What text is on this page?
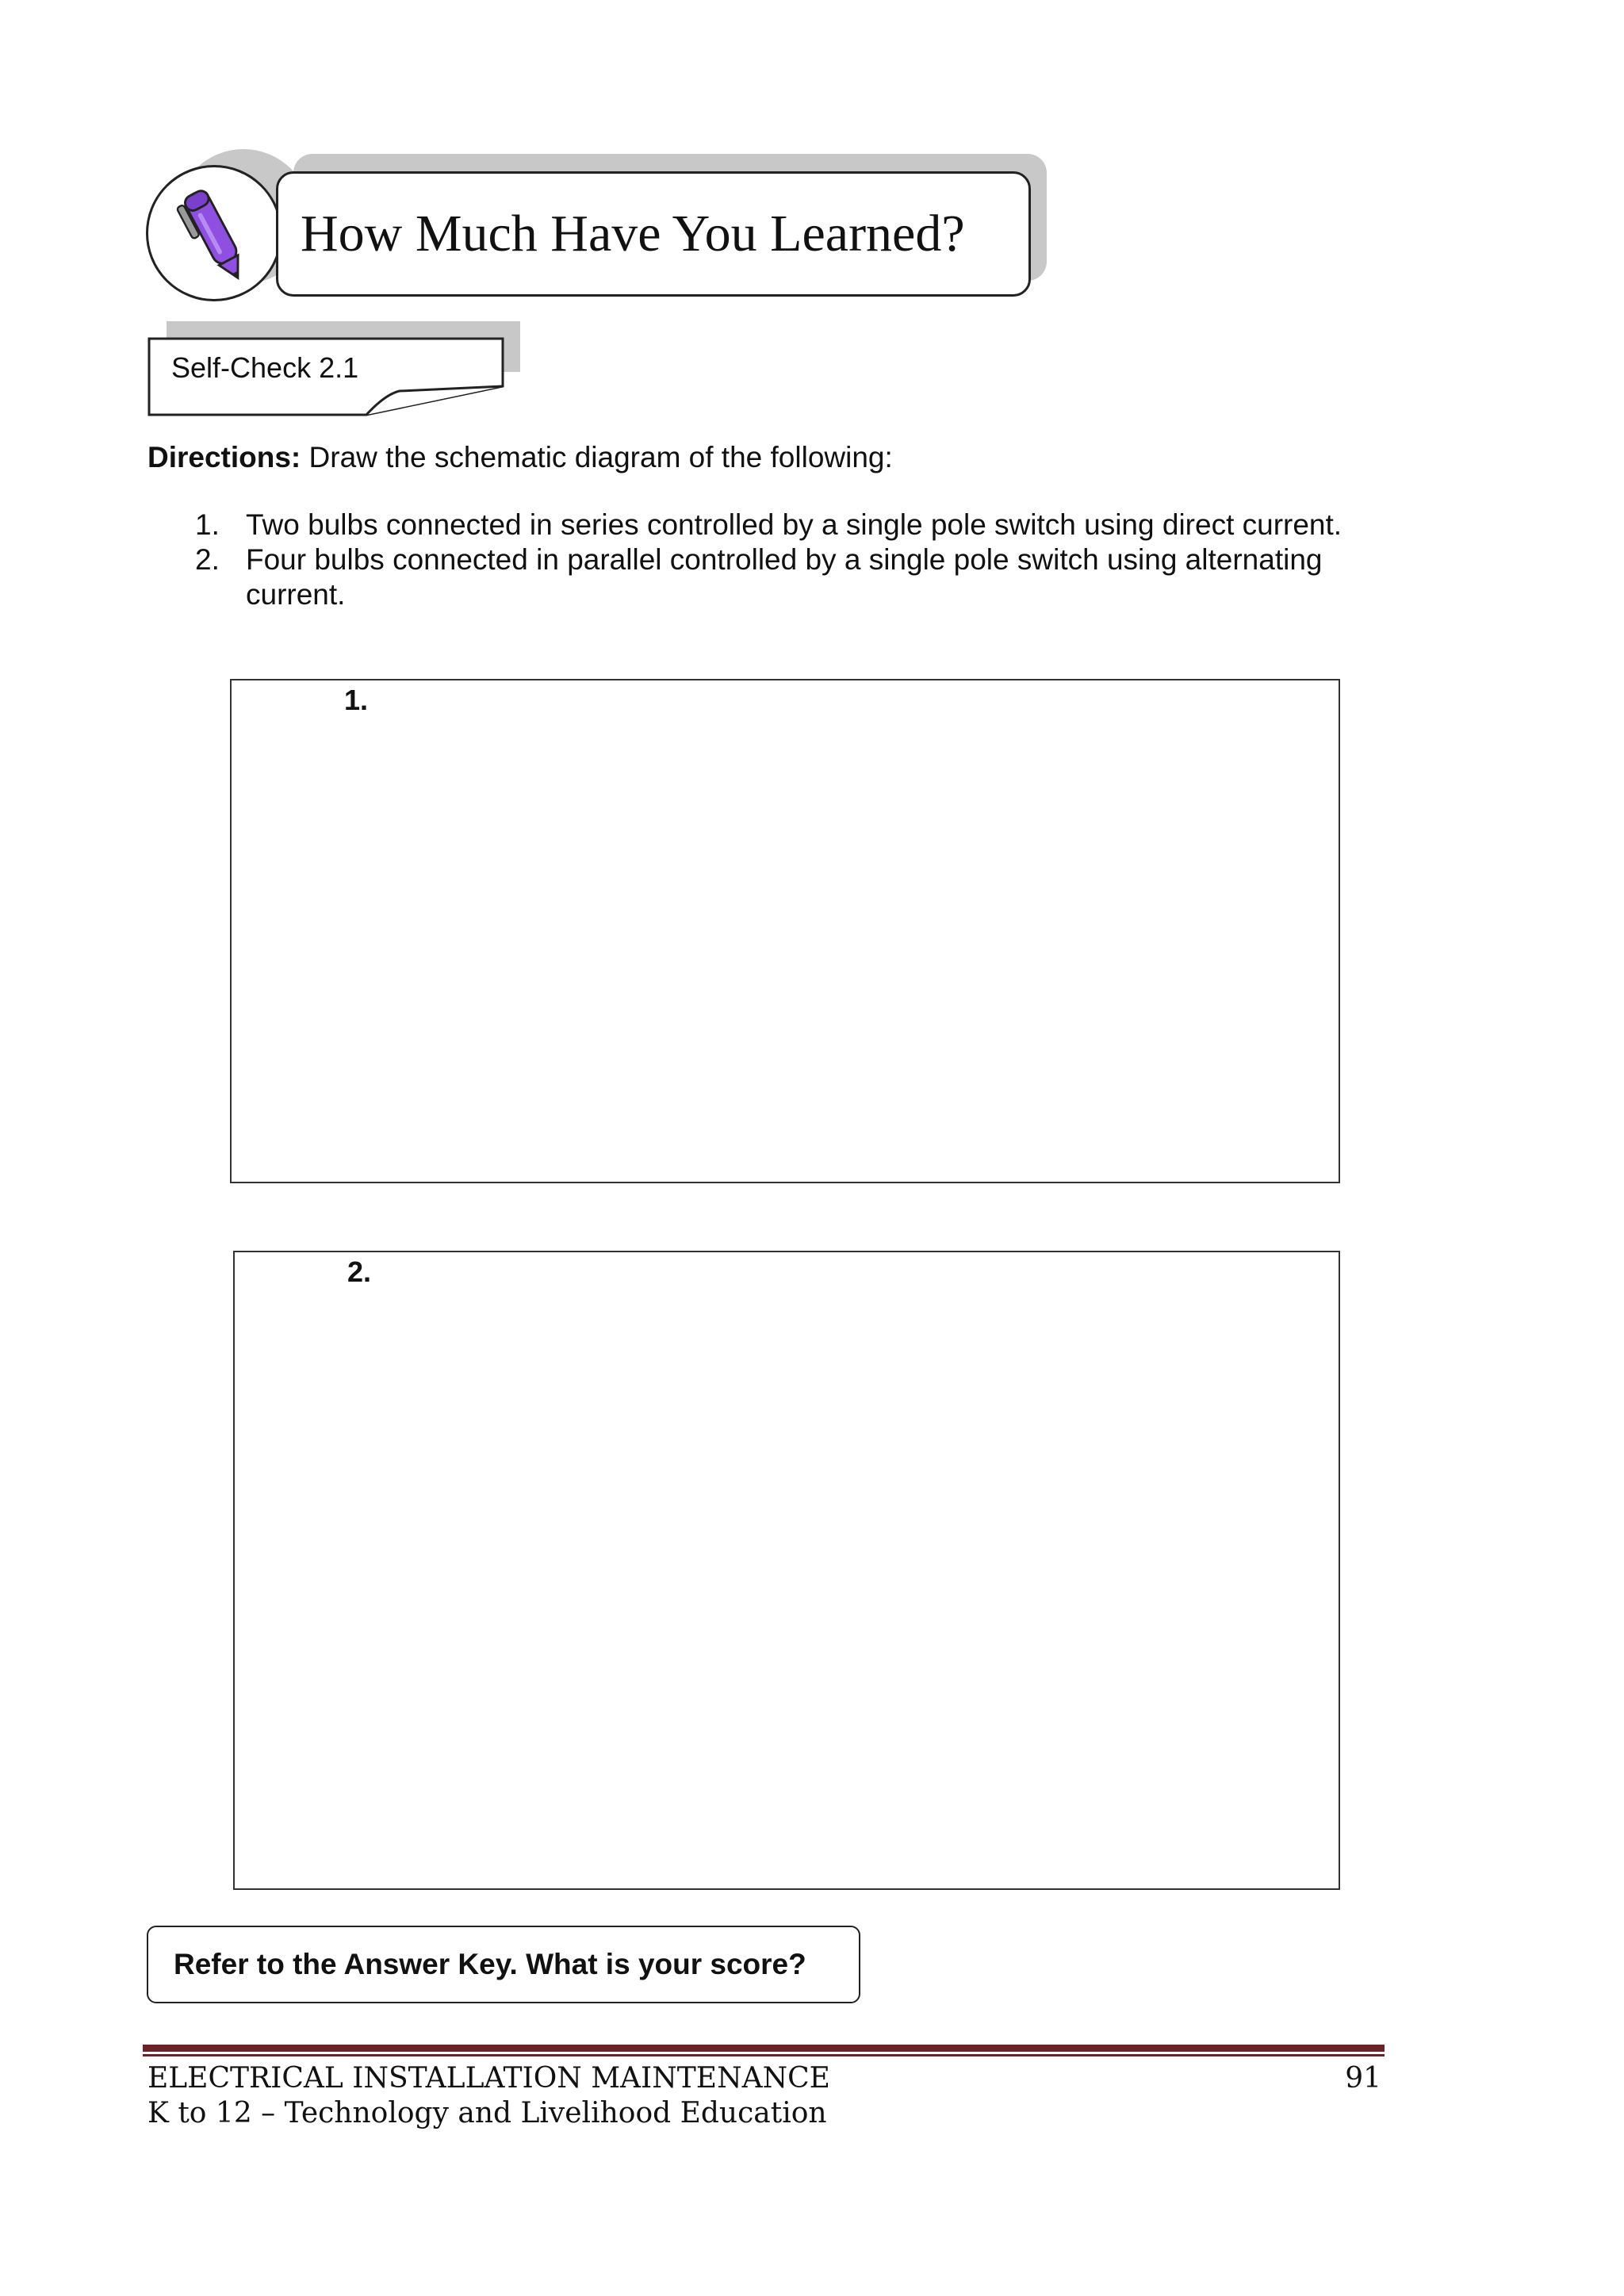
How Much Have You Learned?
Self-Check 2.1
Directions: Draw the schematic diagram of the following:
1. Two bulbs connected in series controlled by a single pole switch using direct current.
2. Four bulbs connected in parallel controlled by a single pole switch using alternating current.
1.
2.
Refer to the Answer Key. What is your score?
ELECTRICAL INSTALLATION MAINTENANCE
K to 12 – Technology and Livelihood Education
91
